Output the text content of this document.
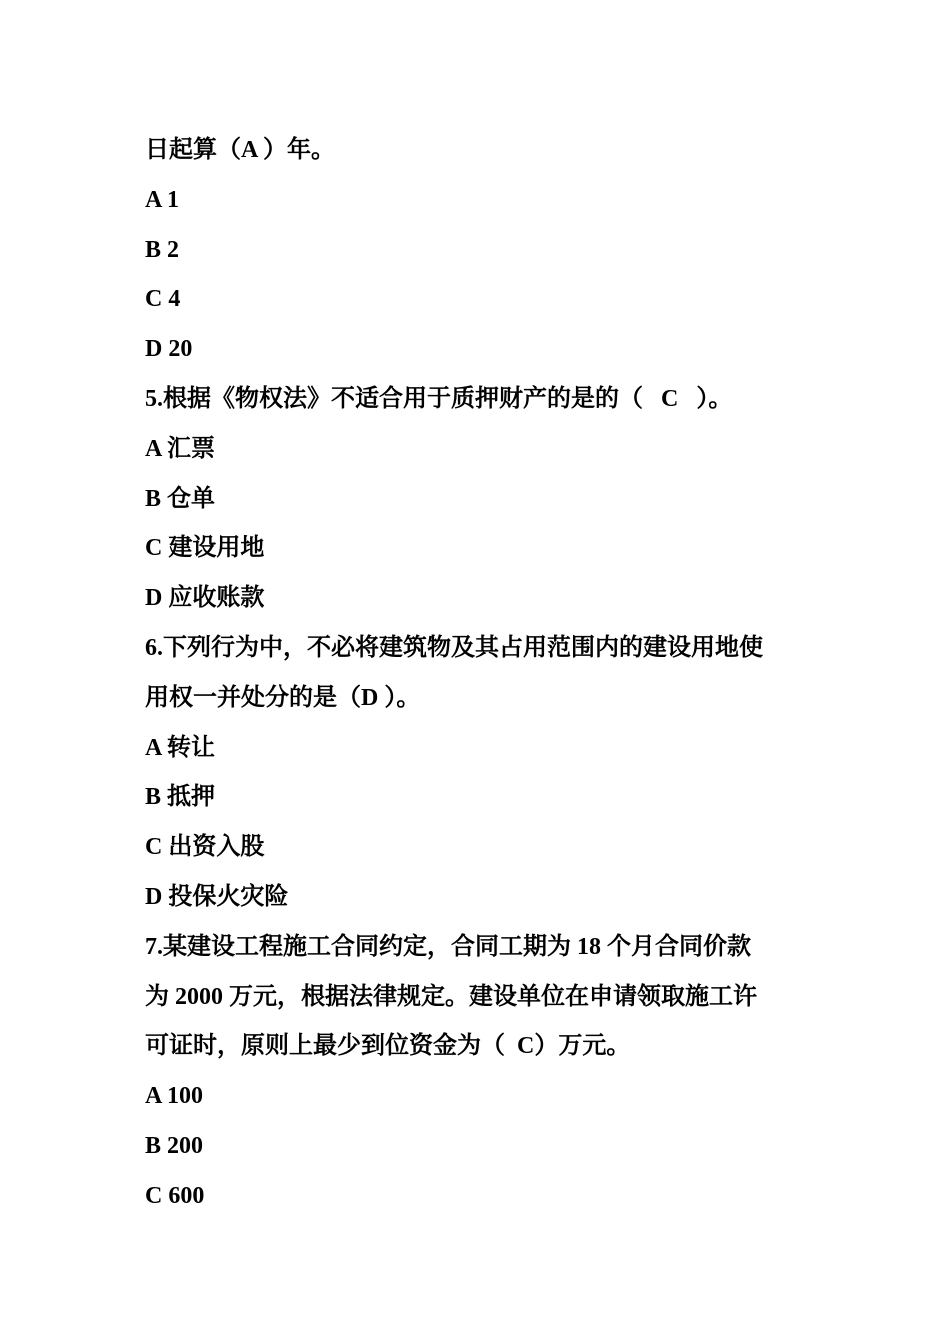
日起算（A ）年。

A 1

B 2

C 4

D 20

5.根据《物权法》不适合用于质押财产的是的（   C   ）。

A 汇票

B 仓单

C 建设用地

D 应收账款

6.下列行为中，不必将建筑物及其占用范围内的建设用地使

用权一并处分的是（D ）。

A 转让

B 抵押

C 出资入股

D 投保火灾险

7.某建设工程施工合同约定，合同工期为 18 个月合同价款

为 2000 万元，根据法律规定。建设单位在申请领取施工许

可证时，原则上最少到位资金为（  C）万元。

A 100

B 200

C 600
